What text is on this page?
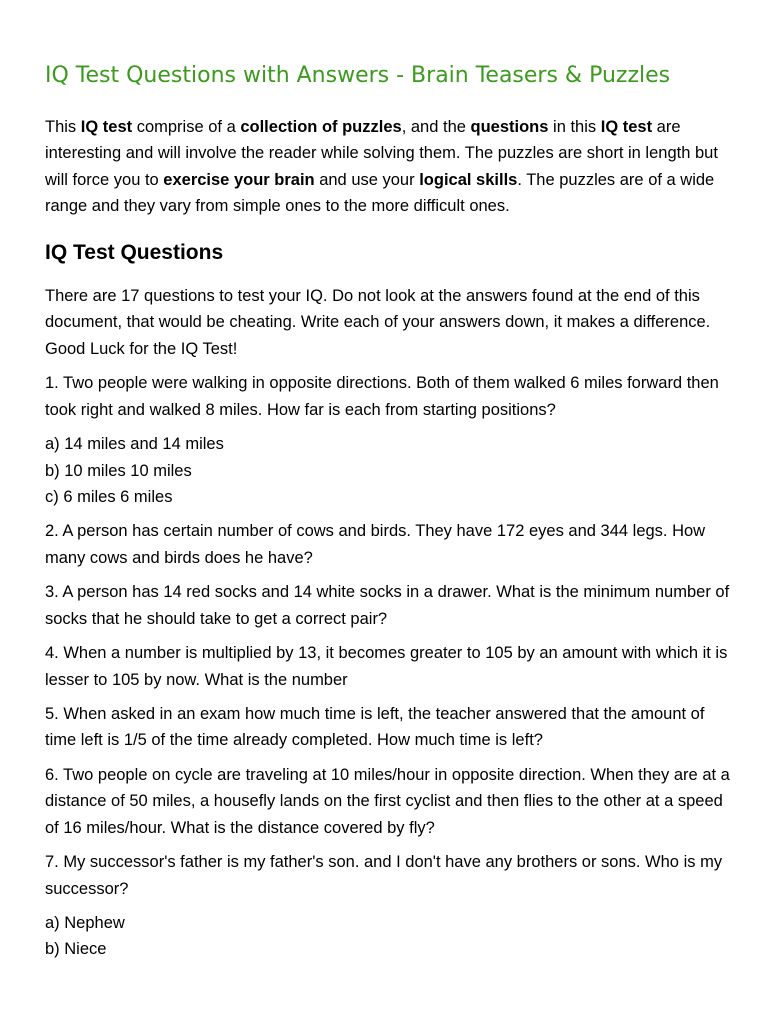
IQ Test Questions with Answers - Brain Teasers & Puzzles

This IQ test comprise of a collection of puzzles, and the questions in this IQ test are interesting and will involve the reader while solving them. The puzzles are short in length but will force you to exercise your brain and use your logical skills. The puzzles are of a wide range and they vary from simple ones to the more difficult ones.

IQ Test Questions

There are 17 questions to test your IQ. Do not look at the answers found at the end of this document, that would be cheating. Write each of your answers down, it makes a difference. Good Luck for the IQ Test!

1. Two people were walking in opposite directions. Both of them walked 6 miles forward then took right and walked 8 miles. How far is each from starting positions?

a) 14 miles and 14 miles
b) 10 miles 10 miles
c) 6 miles 6 miles

2. A person has certain number of cows and birds. They have 172 eyes and 344 legs. How many cows and birds does he have?

3. A person has 14 red socks and 14 white socks in a drawer. What is the minimum number of socks that he should take to get a correct pair?

4. When a number is multiplied by 13, it becomes greater to 105 by an amount with which it is lesser to 105 by now. What is the number

5. When asked in an exam how much time is left, the teacher answered that the amount of time left is 1/5 of the time already completed. How much time is left?

6. Two people on cycle are traveling at 10 miles/hour in opposite direction. When they are at a distance of 50 miles, a housefly lands on the first cyclist and then flies to the other at a speed of 16 miles/hour. What is the distance covered by fly?

7. My successor's father is my father's son. and I don't have any brothers or sons. Who is my successor?

a) Nephew
b) Niece
